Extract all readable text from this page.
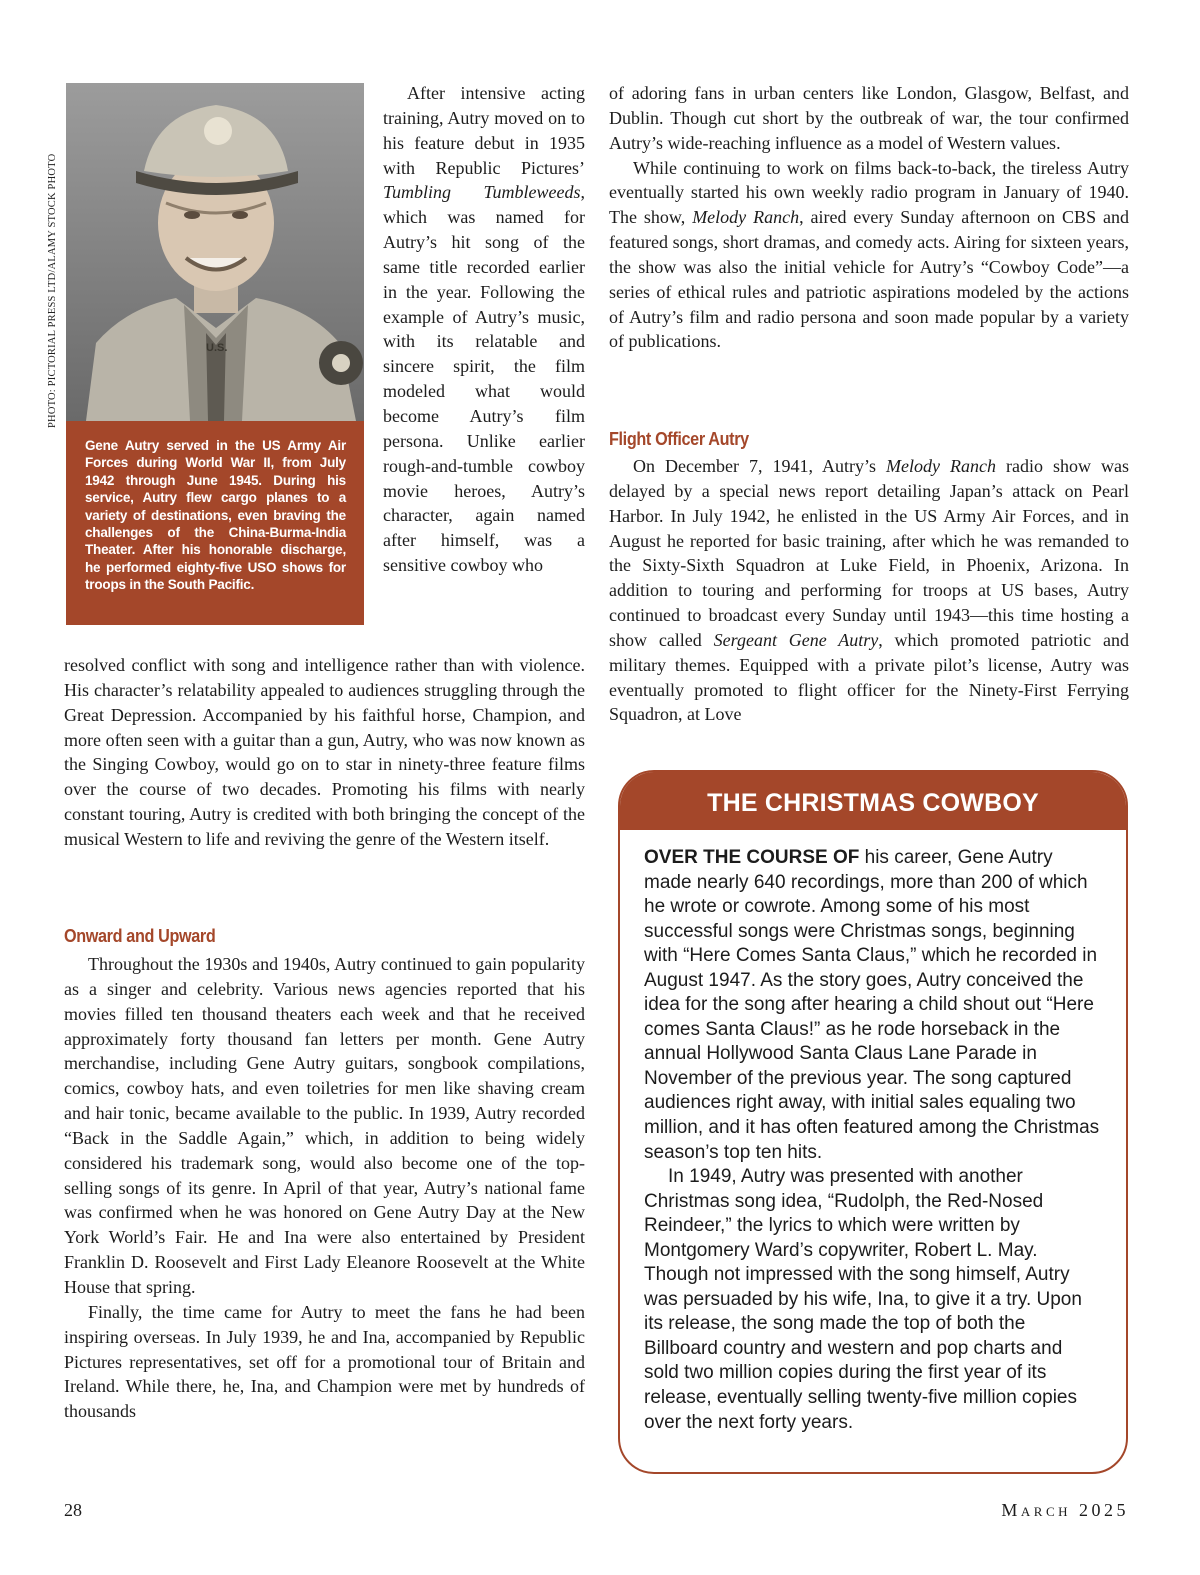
PHOTO: PICTORIAL PRESS LTD/ALAMY STOCK PHOTO	U.S.
Gene Autry served in the US Army Air Forces during World War II, from July 1942 through June 1945. During his service, Autry flew cargo planes to a variety of destinations, even braving the challenges of the China-Burma-India Theater. After his honorable discharge, he performed eighty-five USO shows for troops in the South Pacific.

After intensive acting training, Autry moved on to his feature debut in 1935 with Republic Pictures’ Tumbling Tumbleweeds, which was named for Autry’s hit song of the same title recorded earlier in the year. Following the example of Autry’s music, with its relatable and sincere spirit, the film modeled what would become Autry’s film persona. Unlike earlier rough-and-tumble cowboy movie heroes, Autry’s character, again named after himself, was a sensitive cowboy who

resolved conflict with song and intelligence rather than with violence. His character’s relatability appealed to audiences struggling through the Great Depression. Accompanied by his faithful horse, Champion, and more often seen with a guitar than a gun, Autry, who was now known as the Singing Cowboy, would go on to star in ninety-three feature films over the course of two decades. Promoting his films with nearly constant touring, Autry is credited with both bringing the concept of the musical Western to life and reviving the genre of the Western itself.

Onward and Upward

Throughout the 1930s and 1940s, Autry continued to gain popularity as a singer and celebrity. Various news agencies reported that his movies filled ten thousand theaters each week and that he received approximately forty thousand fan letters per month. Gene Autry merchandise, including Gene Autry guitars, songbook compilations, comics, cowboy hats, and even toiletries for men like shaving cream and hair tonic, became available to the public. In 1939, Autry recorded “Back in the Saddle Again,” which, in addition to being widely considered his trademark song, would also become one of the top-selling songs of its genre. In April of that year, Autry’s national fame was confirmed when he was honored on Gene Autry Day at the New York World’s Fair. He and Ina were also entertained by President Franklin D. Roosevelt and First Lady Eleanore Roosevelt at the White House that spring.

Finally, the time came for Autry to meet the fans he had been inspiring overseas. In July 1939, he and Ina, accompanied by Republic Pictures representatives, set off for a promotional tour of Britain and Ireland. While there, he, Ina, and Champion were met by hundreds of thousands

of adoring fans in urban centers like London, Glasgow, Belfast, and Dublin. Though cut short by the outbreak of war, the tour confirmed Autry’s wide-reaching influence as a model of Western values.

While continuing to work on films back-to-back, the tireless Autry eventually started his own weekly radio program in January of 1940. The show, Melody Ranch, aired every Sunday afternoon on CBS and featured songs, short dramas, and comedy acts. Airing for sixteen years, the show was also the initial vehicle for Autry’s “Cowboy Code”—a series of ethical rules and patriotic aspirations modeled by the actions of Autry’s film and radio persona and soon made popular by a variety of publications.

Flight Officer Autry

On December 7, 1941, Autry’s Melody Ranch radio show was delayed by a special news report detailing Japan’s attack on Pearl Harbor. In July 1942, he enlisted in the US Army Air Forces, and in August he reported for basic training, after which he was remanded to the Sixty-Sixth Squadron at Luke Field, in Phoenix, Arizona. In addition to touring and performing for troops at US bases, Autry continued to broadcast every Sunday until 1943—this time hosting a show called Sergeant Gene Autry, which promoted patriotic and military themes. Equipped with a private pilot’s license, Autry was eventually promoted to flight officer for the Ninety-First Ferrying Squadron, at Love

THE CHRISTMAS COWBOY

OVER THE COURSE OF his career, Gene Autry made nearly 640 recordings, more than 200 of which he wrote or cowrote. Among some of his most successful songs were Christmas songs, beginning with “Here Comes Santa Claus,” which he recorded in August 1947. As the story goes, Autry conceived the idea for the song after hearing a child shout out “Here comes Santa Claus!” as he rode horseback in the annual Hollywood Santa Claus Lane Parade in November of the previous year. The song captured audiences right away, with initial sales equaling two million, and it has often featured among the Christmas season’s top ten hits.

In 1949, Autry was presented with another Christmas song idea, “Rudolph, the Red-Nosed Reindeer,” the lyrics to which were written by Montgomery Ward’s copywriter, Robert L. May. Though not impressed with the song himself, Autry was persuaded by his wife, Ina, to give it a try. Upon its release, the song made the top of both the Billboard country and western and pop charts and sold two million copies during the first year of its release, eventually selling twenty-five million copies over the next forty years.

28	March 2025
